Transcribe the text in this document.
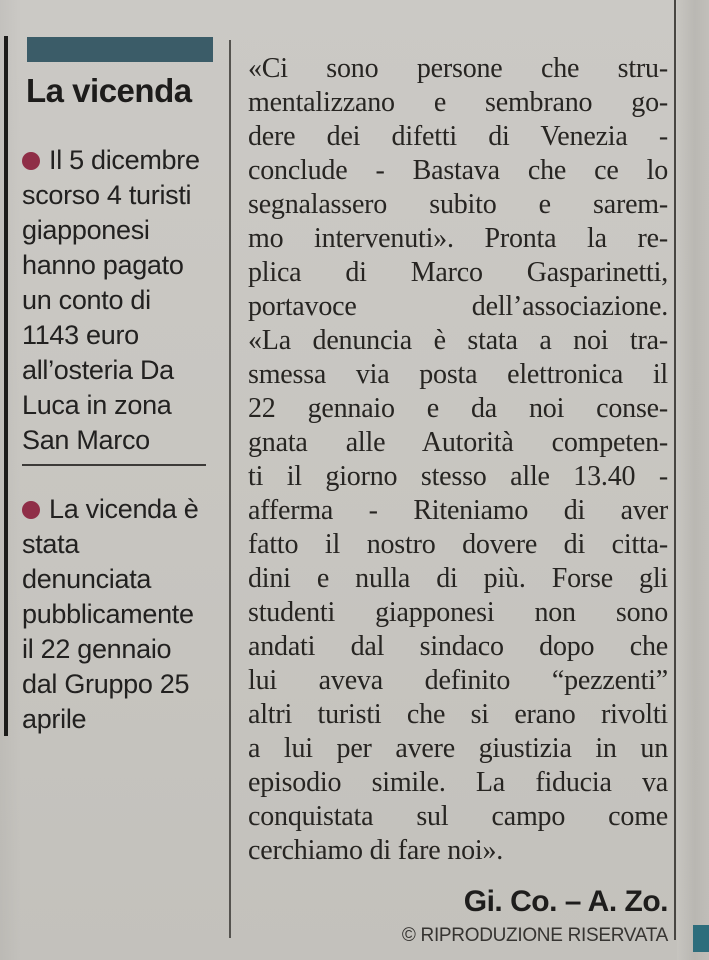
La vicenda
Il 5 dicembre
scorso 4 turisti
giapponesi
hanno pagato
un conto di
1143 euro
all’osteria Da
Luca in zona
San Marco
La vicenda è
stata
denunciata
pubblicamente
il 22 gennaio
dal Gruppo 25
aprile
«Ci sono persone che stru-
mentalizzano e sembrano go-
dere dei difetti di Venezia -
conclude - Bastava che ce lo
segnalassero subito e sarem-
mo intervenuti». Pronta la re-
plica di Marco Gasparinetti,
portavoce dell’associazione.
«La denuncia è stata a noi tra-
smessa via posta elettronica il
22 gennaio e da noi conse-
gnata alle Autorità competen-
ti il giorno stesso alle 13.40 -
afferma - Riteniamo di aver
fatto il nostro dovere di citta-
dini e nulla di più. Forse gli
studenti giapponesi non sono
andati dal sindaco dopo che
lui aveva definito “pezzenti”
altri turisti che si erano rivolti
a lui per avere giustizia in un
episodio simile. La fiducia va
conquistata sul campo come
cerchiamo di fare noi».
Gi. Co. – A. Zo.
© RIPRODUZIONE RISERVATA
